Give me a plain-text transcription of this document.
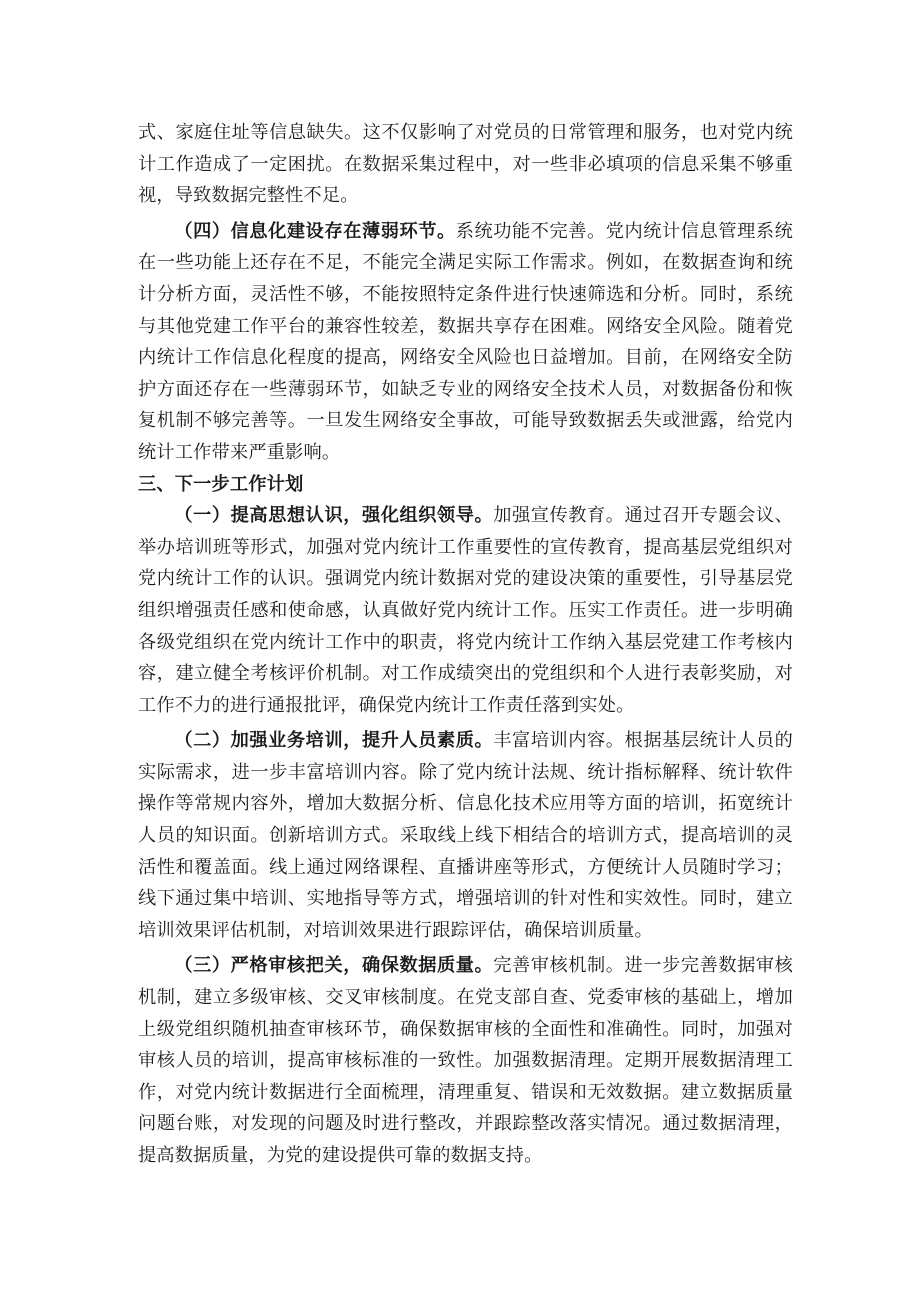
式、家庭住址等信息缺失。这不仅影响了对党员的日常管理和服务，也对党内统计工作造成了一定困扰。在数据采集过程中，对一些非必填项的信息采集不够重视，导致数据完整性不足。

（四）信息化建设存在薄弱环节。系统功能不完善。党内统计信息管理系统在一些功能上还存在不足，不能完全满足实际工作需求。例如，在数据查询和统计分析方面，灵活性不够，不能按照特定条件进行快速筛选和分析。同时，系统与其他党建工作平台的兼容性较差，数据共享存在困难。网络安全风险。随着党内统计工作信息化程度的提高，网络安全风险也日益增加。目前，在网络安全防护方面还存在一些薄弱环节，如缺乏专业的网络安全技术人员，对数据备份和恢复机制不够完善等。一旦发生网络安全事故，可能导致数据丢失或泄露，给党内统计工作带来严重影响。

三、下一步工作计划

（一）提高思想认识，强化组织领导。加强宣传教育。通过召开专题会议、举办培训班等形式，加强对党内统计工作重要性的宣传教育，提高基层党组织对党内统计工作的认识。强调党内统计数据对党的建设决策的重要性，引导基层党组织增强责任感和使命感，认真做好党内统计工作。压实工作责任。进一步明确各级党组织在党内统计工作中的职责，将党内统计工作纳入基层党建工作考核内容，建立健全考核评价机制。对工作成绩突出的党组织和个人进行表彰奖励，对工作不力的进行通报批评，确保党内统计工作责任落到实处。

（二）加强业务培训，提升人员素质。丰富培训内容。根据基层统计人员的实际需求，进一步丰富培训内容。除了党内统计法规、统计指标解释、统计软件操作等常规内容外，增加大数据分析、信息化技术应用等方面的培训，拓宽统计人员的知识面。创新培训方式。采取线上线下相结合的培训方式，提高培训的灵活性和覆盖面。线上通过网络课程、直播讲座等形式，方便统计人员随时学习；线下通过集中培训、实地指导等方式，增强培训的针对性和实效性。同时，建立培训效果评估机制，对培训效果进行跟踪评估，确保培训质量。

（三）严格审核把关，确保数据质量。完善审核机制。进一步完善数据审核机制，建立多级审核、交叉审核制度。在党支部自查、党委审核的基础上，增加上级党组织随机抽查审核环节，确保数据审核的全面性和准确性。同时，加强对审核人员的培训，提高审核标准的一致性。加强数据清理。定期开展数据清理工作，对党内统计数据进行全面梳理，清理重复、错误和无效数据。建立数据质量问题台账，对发现的问题及时进行整改，并跟踪整改落实情况。通过数据清理，提高数据质量，为党的建设提供可靠的数据支持。
